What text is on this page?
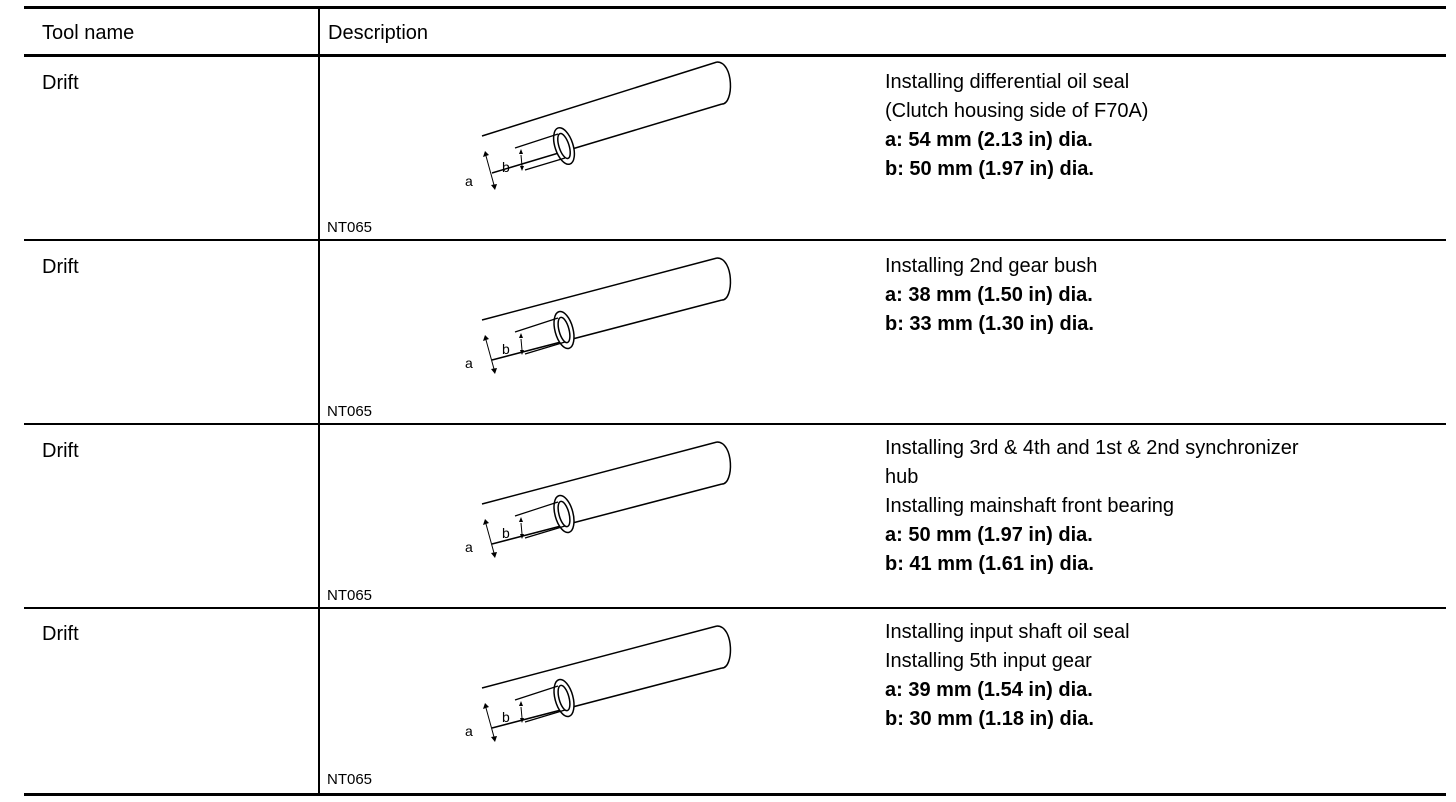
Tool name	Description
Drift
b
a
NT065
Installing differential oil seal
(Clutch housing side of F70A)
a: 54 mm (2.13 in) dia.
b: 50 mm (1.97 in) dia.
Drift
b
a
NT065
Installing 2nd gear bush
a: 38 mm (1.50 in) dia.
b: 33 mm (1.30 in) dia.
Drift
b
a
NT065
Installing 3rd & 4th and 1st & 2nd synchronizer
hub
Installing mainshaft front bearing
a: 50 mm (1.97 in) dia.
b: 41 mm (1.61 in) dia.
Drift
b
a
NT065
Installing input shaft oil seal
Installing 5th input gear
a: 39 mm (1.54 in) dia.
b: 30 mm (1.18 in) dia.
